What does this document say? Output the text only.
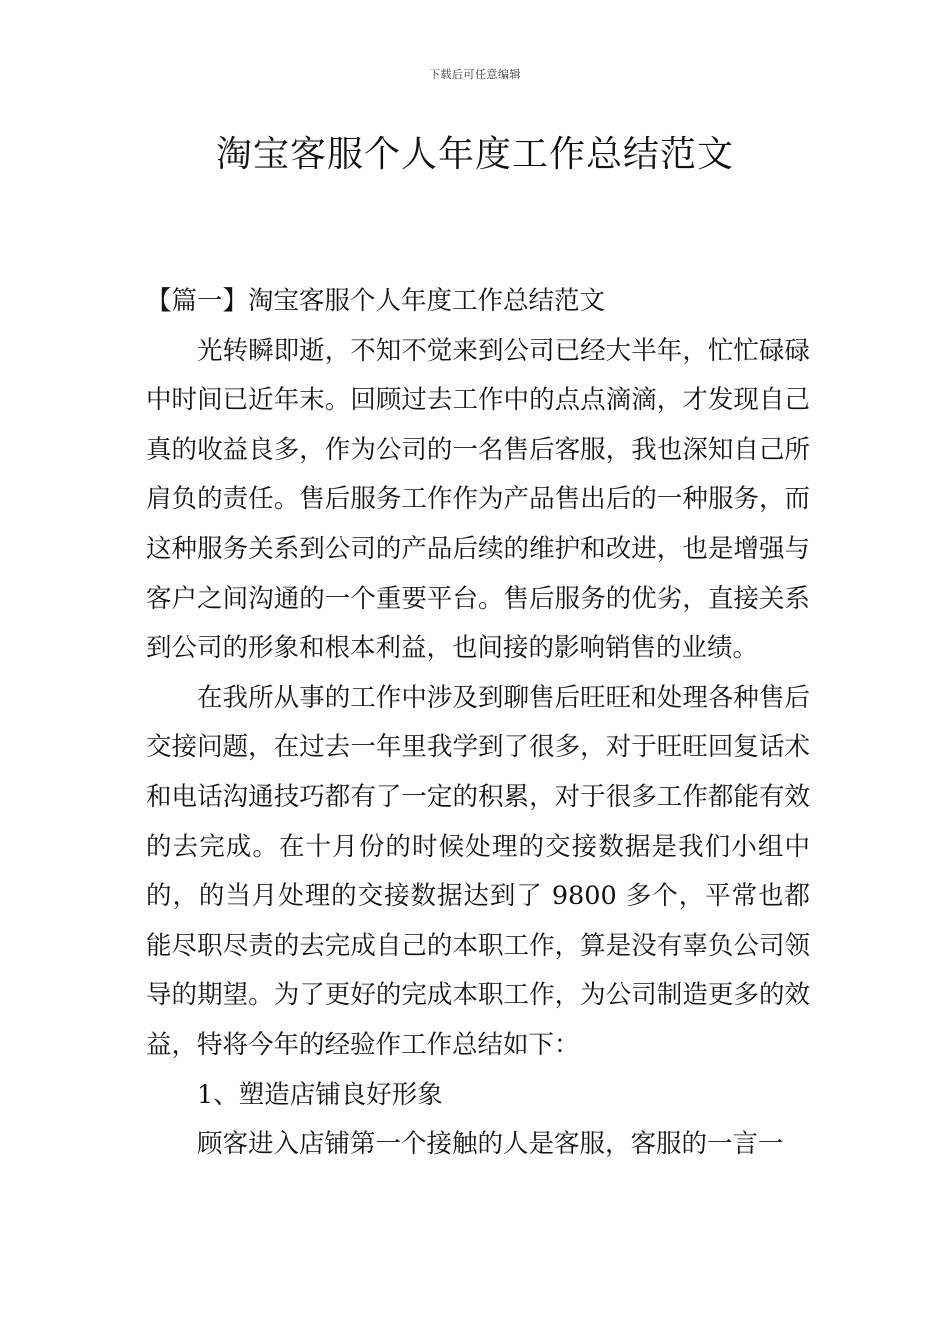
下载后可任意编辑
淘宝客服个人年度工作总结范文

【篇一】淘宝客服个人年度工作总结范文

光转瞬即逝，不知不觉来到公司已经大半年，忙忙碌碌中时间已近年末。回顾过去工作中的点点滴滴，才发现自己真的收益良多，作为公司的一名售后客服，我也深知自己所肩负的责任。售后服务工作作为产品售出后的一种服务，而这种服务关系到公司的产品后续的维护和改进，也是增强与客户之间沟通的一个重要平台。售后服务的优劣，直接关系到公司的形象和根本利益，也间接的影响销售的业绩。

在我所从事的工作中涉及到聊售后旺旺和处理各种售后交接问题，在过去一年里我学到了很多，对于旺旺回复话术和电话沟通技巧都有了一定的积累，对于很多工作都能有效的去完成。在十月份的时候处理的交接数据是我们小组中的，的当月处理的交接数据达到了 9800 多个，平常也都能尽职尽责的去完成自己的本职工作，算是没有辜负公司领导的期望。为了更好的完成本职工作，为公司制造更多的效益，特将今年的经验作工作总结如下：

1、塑造店铺良好形象

顾客进入店铺第一个接触的人是客服，客服的一言一
